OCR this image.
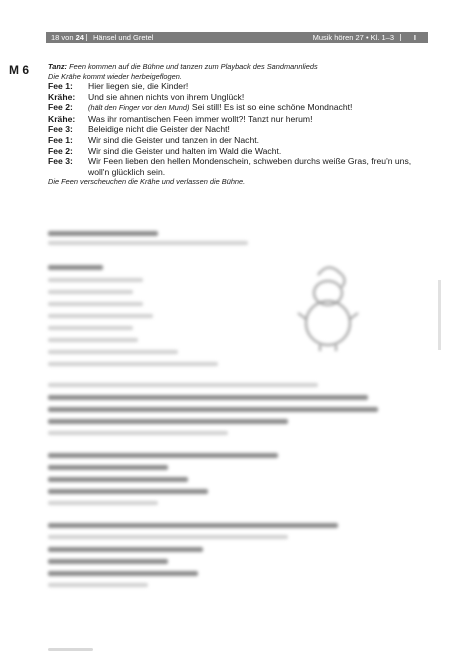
18 von 24 Hänsel und Gretel	Musik hören 27 • Kl. 1–3	I
M 6	Tanz: Feen kommen auf die Bühne und tanzen zum Playback des Sandmannlieds
Die Krähe kommt wieder herbeigeflogen.
Fee 1:	Hier liegen sie, die Kinder!
Krähe:	Und sie ahnen nichts von ihrem Unglück!
Fee 2:	(hält den Finger vor den Mund) Sei still! Es ist so eine schöne Mondnacht!
Krähe:	Was ihr romantischen Feen immer wollt?! Tanzt nur herum!
Fee 3:	Beleidige nicht die Geister der Nacht!
Fee 1:	Wir sind die Geister und tanzen in der Nacht.
Fee 2:	Wir sind die Geister und halten im Wald die Wacht.
Fee 3:	Wir Feen lieben den hellen Mondenschein, schweben durchs weiße Gras, freu'n uns, woll'n glücklich sein.
Die Feen verscheuchen die Krähe und verlassen die Bühne.
